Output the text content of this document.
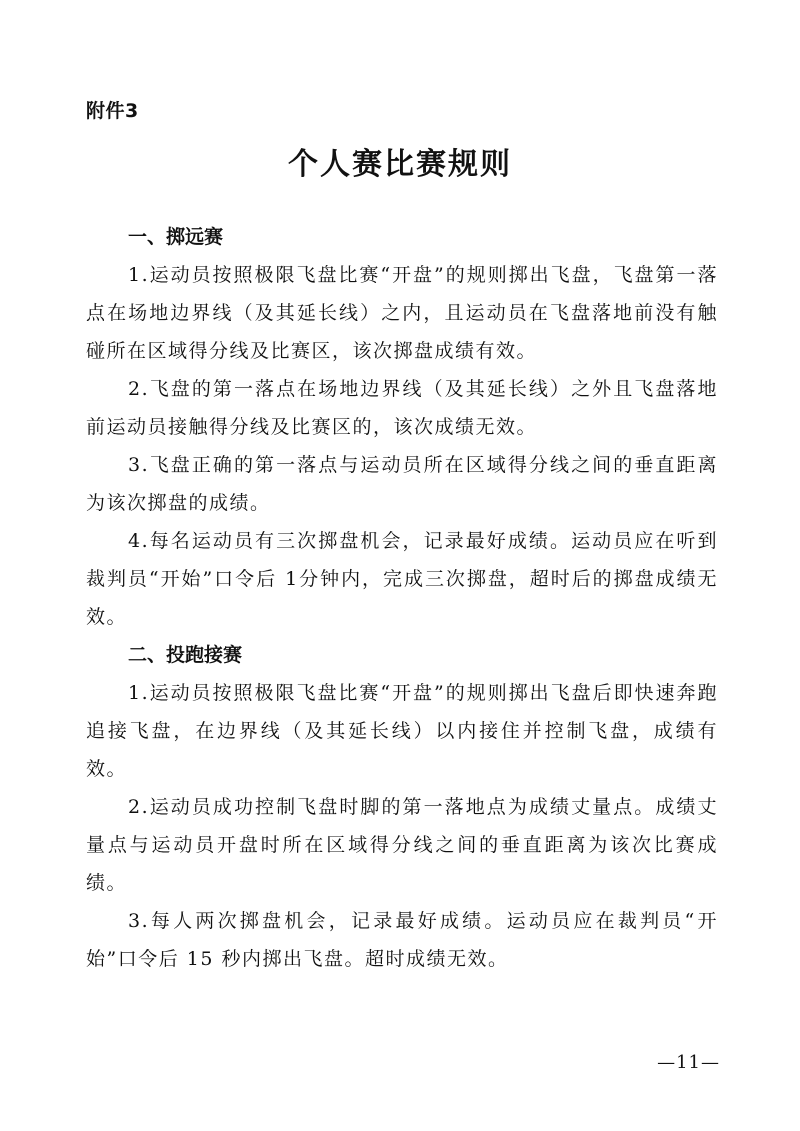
附件3
个人赛比赛规则
一、掷远赛

1.运动员按照极限飞盘比赛“开盘”的规则掷出飞盘，飞盘第一落点在场地边界线（及其延长线）之内，且运动员在飞盘落地前没有触碰所在区域得分线及比赛区，该次掷盘成绩有效。

2.飞盘的第一落点在场地边界线（及其延长线）之外且飞盘落地前运动员接触得分线及比赛区的，该次成绩无效。

3.飞盘正确的第一落点与运动员所在区域得分线之间的垂直距离为该次掷盘的成绩。

4.每名运动员有三次掷盘机会，记录最好成绩。运动员应在听到裁判员“开始”口令后 1分钟内，完成三次掷盘，超时后的掷盘成绩无效。

二、投跑接赛

1.运动员按照极限飞盘比赛“开盘”的规则掷出飞盘后即快速奔跑追接飞盘，在边界线（及其延长线）以内接住并控制飞盘，成绩有效。

2.运动员成功控制飞盘时脚的第一落地点为成绩丈量点。成绩丈量点与运动员开盘时所在区域得分线之间的垂直距离为该次比赛成绩。

3.每人两次掷盘机会，记录最好成绩。运动员应在裁判员“开始”口令后 15 秒内掷出飞盘。超时成绩无效。

—11—
